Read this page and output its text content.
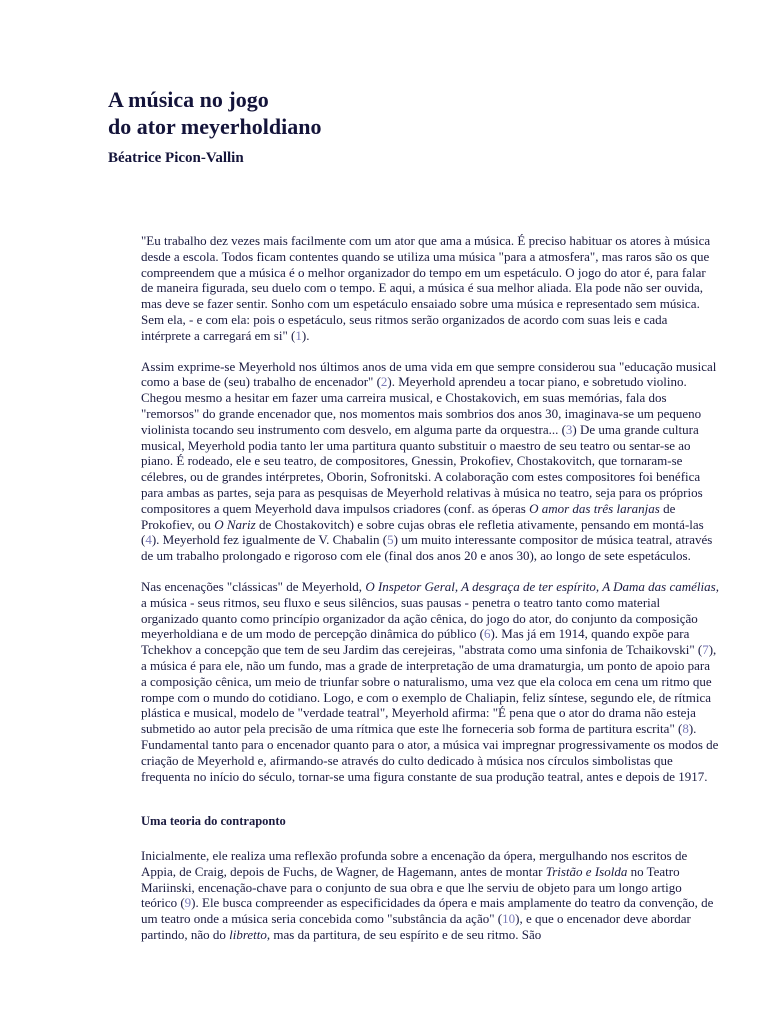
A música no jogo
do ator meyerholdiano
Béatrice Picon-Vallin

"Eu trabalho dez vezes mais facilmente com um ator que ama a música. É preciso habituar os atores à música desde a escola. Todos ficam contentes quando se utiliza uma música "para a atmosfera", mas raros são os que compreendem que a música é o melhor organizador do tempo em um espetáculo. O jogo do ator é, para falar de maneira figurada, seu duelo com o tempo. E aqui, a música é sua melhor aliada. Ela pode não ser ouvida, mas deve se fazer sentir. Sonho com um espetáculo ensaiado sobre uma música e representado sem música. Sem ela, - e com ela: pois o espetáculo, seus ritmos serão organizados de acordo com suas leis e cada intérprete a carregará em si" (1).

Assim exprime-se Meyerhold nos últimos anos de uma vida em que sempre considerou sua "educação musical como a base de (seu) trabalho de encenador" (2). Meyerhold aprendeu a tocar piano, e sobretudo violino. Chegou mesmo a hesitar em fazer uma carreira musical, e Chostakovich, em suas memórias, fala dos "remorsos" do grande encenador que, nos momentos mais sombrios dos anos 30, imaginava-se um pequeno violinista tocando seu instrumento com desvelo, em alguma parte da orquestra... (3) De uma grande cultura musical, Meyerhold podia tanto ler uma partitura quanto substituir o maestro de seu teatro ou sentar-se ao piano. É rodeado, ele e seu teatro, de compositores, Gnessin, Prokofiev, Chostakovitch, que tornaram-se célebres, ou de grandes intérpretes, Oborin, Sofronitski. A colaboração com estes compositores foi benéfica para ambas as partes, seja para as pesquisas de Meyerhold relativas à música no teatro, seja para os próprios compositores a quem Meyerhold dava impulsos criadores (conf. as óperas O amor das três laranjas de Prokofiev, ou O Nariz de Chostakovitch) e sobre cujas obras ele refletia ativamente, pensando em montá-las (4). Meyerhold fez igualmente de V. Chabalin (5) um muito interessante compositor de música teatral, através de um trabalho prolongado e rigoroso com ele (final dos anos 20 e anos 30), ao longo de sete espetáculos.

Nas encenações "clássicas" de Meyerhold, O Inspetor Geral, A desgraça de ter espírito, A Dama das camélias, a música - seus ritmos, seu fluxo e seus silêncios, suas pausas - penetra o teatro tanto como material organizado quanto como princípio organizador da ação cênica, do jogo do ator, do conjunto da composição meyerholdiana e de um modo de percepção dinâmica do público (6). Mas já em 1914, quando expõe para Tchekhov a concepção que tem de seu Jardim das cerejeiras, "abstrata como uma sinfonia de Tchaikovski" (7), a música é para ele, não um fundo, mas a grade de interpretação de uma dramaturgia, um ponto de apoio para a composição cênica, um meio de triunfar sobre o naturalismo, uma vez que ela coloca em cena um ritmo que rompe com o mundo do cotidiano. Logo, e com o exemplo de Chaliapin, feliz síntese, segundo ele, de rítmica plástica e musical, modelo de "verdade teatral", Meyerhold afirma: "É pena que o ator do drama não esteja submetido ao autor pela precisão de uma rítmica que este lhe forneceria sob forma de partitura escrita" (8). Fundamental tanto para o encenador quanto para o ator, a música vai impregnar progressivamente os modos de criação de Meyerhold e, afirmando-se através do culto dedicado à música nos círculos simbolistas que frequenta no início do século, tornar-se uma figura constante de sua produção teatral, antes e depois de 1917.

Uma teoria do contraponto

Inicialmente, ele realiza uma reflexão profunda sobre a encenação da ópera, mergulhando nos escritos de Appia, de Craig, depois de Fuchs, de Wagner, de Hagemann, antes de montar Tristão e Isolda no Teatro Mariinski, encenação-chave para o conjunto de sua obra e que lhe serviu de objeto para um longo artigo teórico (9). Ele busca compreender as especificidades da ópera e mais amplamente do teatro da convenção, de um teatro onde a música seria concebida como "substância da ação" (10), e que o encenador deve abordar partindo, não do libretto, mas da partitura, de seu espírito e de seu ritmo. São
